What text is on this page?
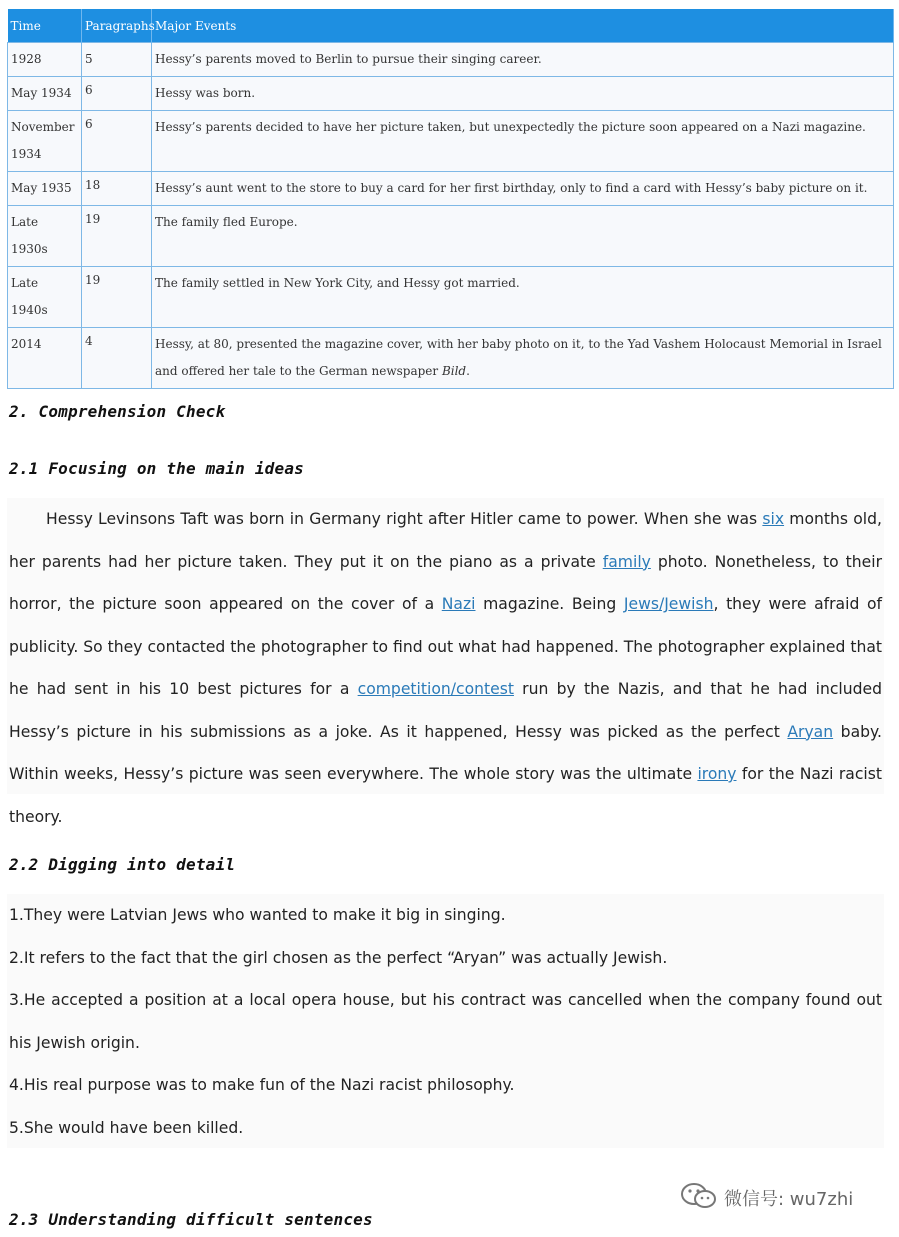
Time	Paragraphs	Major Events
1928	5	Hessy’s parents moved to Berlin to pursue their singing career.
May 1934	6	Hessy was born.
November 1934	6	Hessy’s parents decided to have her picture taken, but unexpectedly the picture soon appeared on a Nazi magazine.
May 1935	18	Hessy’s aunt went to the store to buy a card for her first birthday, only to find a card with Hessy’s baby picture on it.
Late 1930s	19	The family fled Europe.
Late 1940s	19	The family settled in New York City, and Hessy got married.
2014	4	Hessy, at 80, presented the magazine cover, with her baby photo on it, to the Yad Vashem Holocaust Memorial in Israel and offered her tale to the German newspaper Bild.
2. Comprehension Check
2.1 Focusing on the main ideas

Hessy Levinsons Taft was born in Germany right after Hitler came to power. When she was six months old, her parents had her picture taken. They put it on the piano as a private family photo. Nonetheless, to their horror, the picture soon appeared on the cover of a Nazi magazine. Being Jews/Jewish, they were afraid of publicity. So they contacted the photographer to find out what had happened. The photographer explained that he had sent in his 10 best pictures for a competition/contest run by the Nazis, and that he had included Hessy’s picture in his submissions as a joke. As it happened, Hessy was picked as the perfect Aryan baby. Within weeks, Hessy’s picture was seen everywhere. The whole story was the ultimate irony for the Nazi racist theory.

2.2 Digging into detail

1.They were Latvian Jews who wanted to make it big in singing.

2.It refers to the fact that the girl chosen as the perfect “Aryan” was actually Jewish.

3.He accepted a position at a local opera house, but his contract was cancelled when the company found out his Jewish origin.

4.His real purpose was to make fun of the Nazi racist philosophy.

5.She would have been killed.

2.3 Understanding difficult sentences
微信号: wu7zhi
